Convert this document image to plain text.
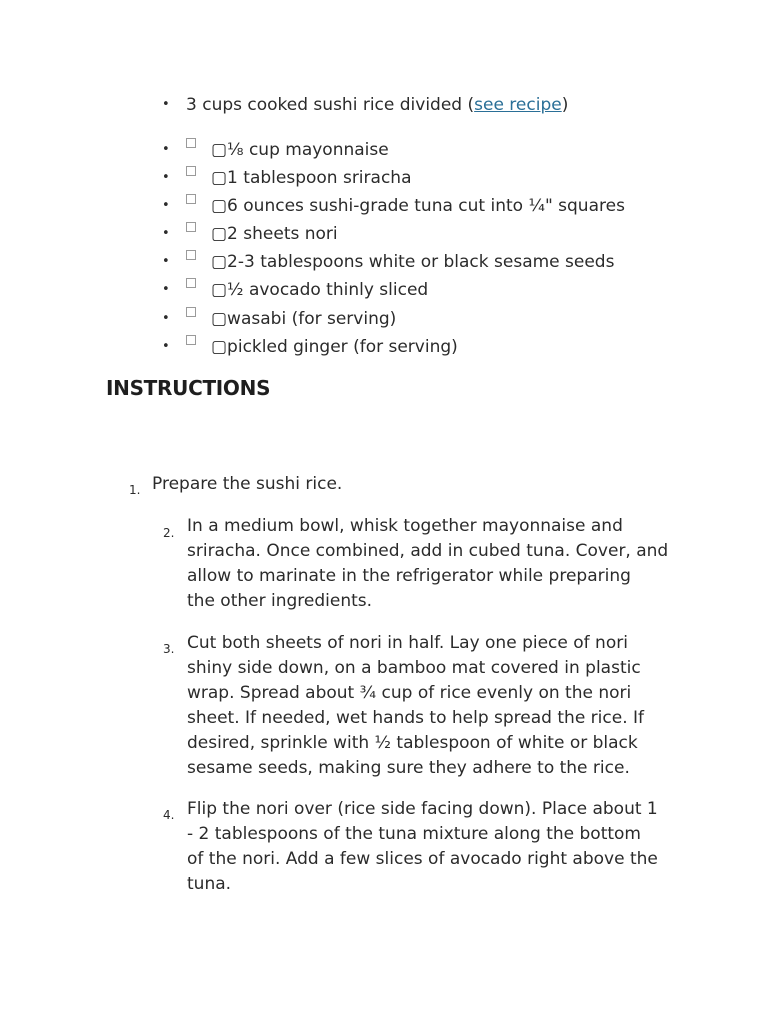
• 3 cups cooked sushi rice divided ( see recipe )
•	▢⅛ cup mayonnaise
•	▢1 tablespoon sriracha
•	▢6 ounces sushi-grade tuna cut into ¼" squares
•	▢2 sheets nori
•	▢2-3 tablespoons white or black sesame seeds
•	▢½ avocado thinly sliced
•	▢wasabi (for serving)
•	▢pickled ginger (for serving)
INSTRUCTIONS
1. Prepare the sushi rice.
2. In a medium bowl, whisk together mayonnaise and
sriracha. Once combined, add in cubed tuna. Cover, and
allow to marinate in the refrigerator while preparing
the other ingredients.
3. Cut both sheets of nori in half. Lay one piece of nori
shiny side down, on a bamboo mat covered in plastic
wrap. Spread about ¾ cup of rice evenly on the nori
sheet. If needed, wet hands to help spread the rice. If
desired, sprinkle with ½ tablespoon of white or black
sesame seeds, making sure they adhere to the rice.
4. Flip the nori over (rice side facing down). Place about 1
- 2 tablespoons of the tuna mixture along the bottom
of the nori. Add a few slices of avocado right above the
tuna.
